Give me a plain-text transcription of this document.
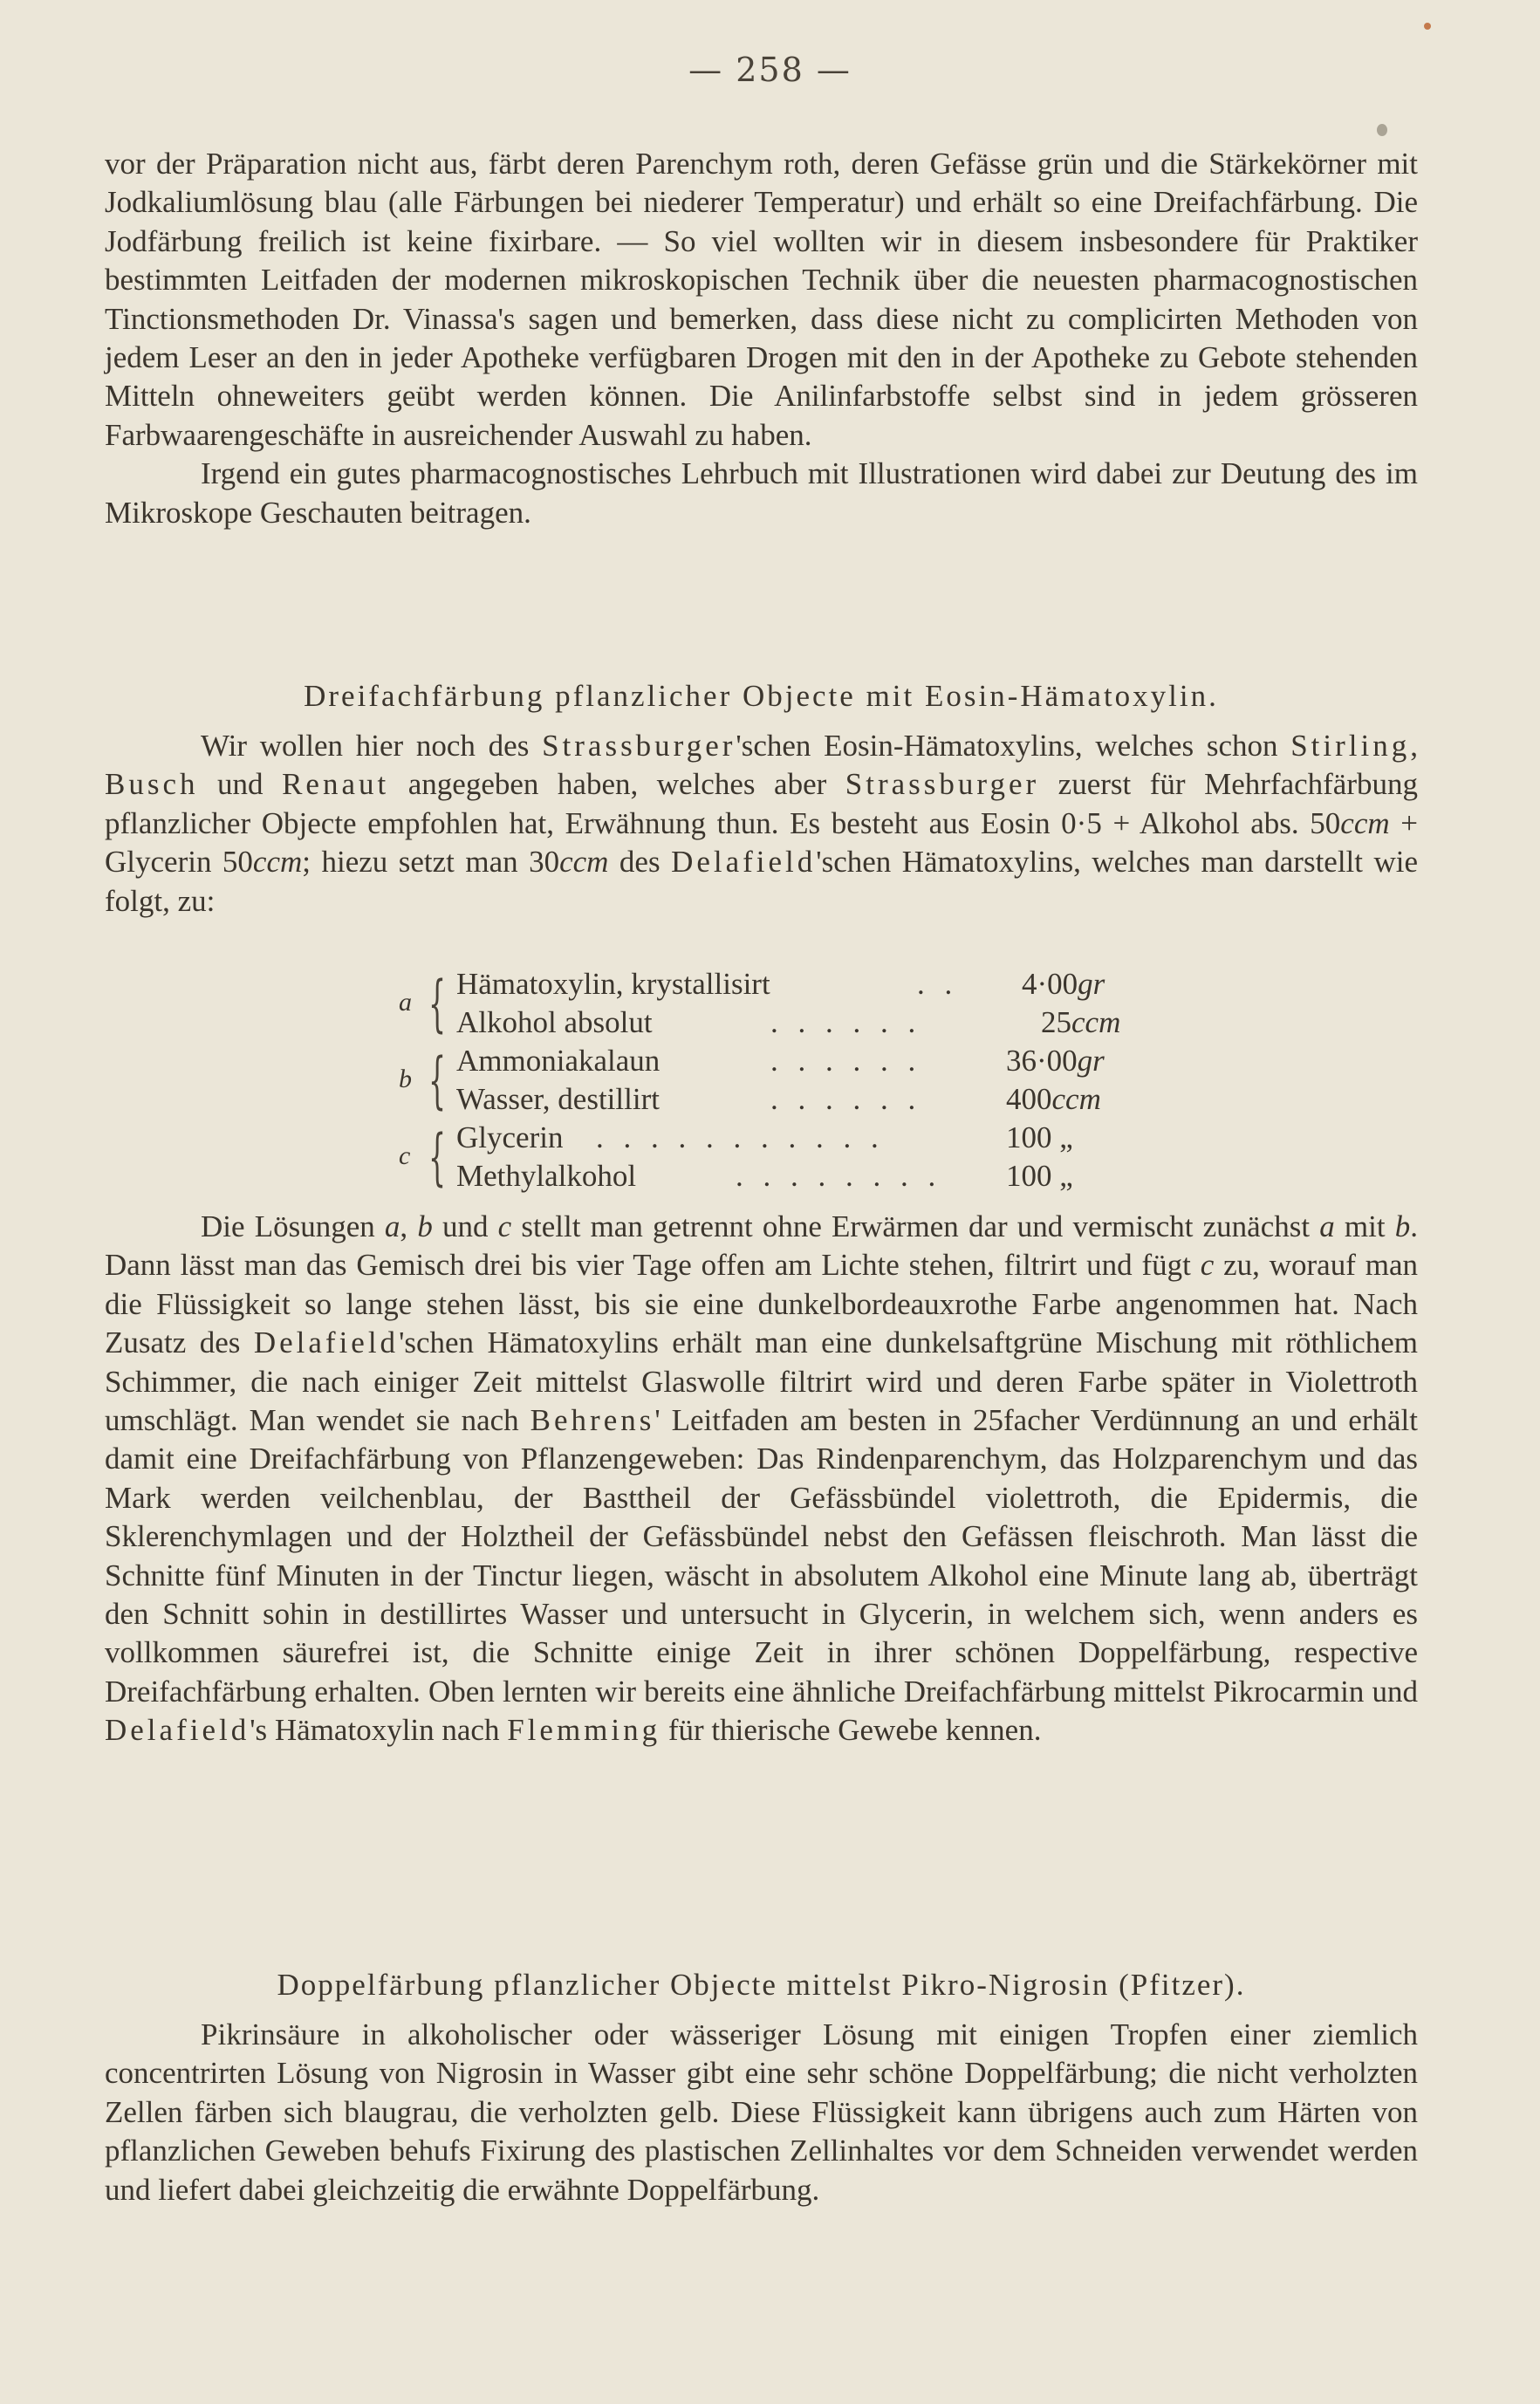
— 258 —

vor der Präparation nicht aus, färbt deren Parenchym roth, deren Gefässe grün und die Stärkekörner mit Jodkaliumlösung blau (alle Färbungen bei niederer Temperatur) und erhält so eine Dreifachfärbung. Die Jodfärbung freilich ist keine fixirbare. — So viel wollten wir in diesem insbesondere für Praktiker bestimmten Leitfaden der modernen mikroskopischen Technik über die neuesten pharmacognostischen Tinctionsmethoden Dr. Vinassa's sagen und bemerken, dass diese nicht zu complicirten Methoden von jedem Leser an den in jeder Apotheke verfügbaren Drogen mit den in der Apotheke zu Gebote stehenden Mitteln ohneweiters geübt werden können. Die Anilinfarbstoffe selbst sind in jedem grösseren Farbwaarengeschäfte in ausreichender Auswahl zu haben.

Irgend ein gutes pharmacognostisches Lehrbuch mit Illustrationen wird dabei zur Deutung des im Mikroskope Geschauten beitragen.

Dreifachfärbung pflanzlicher Objecte mit Eosin-Hämatoxylin.

Wir wollen hier noch des Strassburger'schen Eosin-Hämatoxylins, welches schon Stirling, Busch und Renaut angegeben haben, welches aber Strassburger zuerst für Mehrfachfärbung pflanzlicher Objecte empfohlen hat, Erwähnung thun. Es besteht aus Eosin 0·5 + Alkohol abs. 50ccm + Glycerin 50ccm; hiezu setzt man 30ccm des Delafield'schen Hämatoxylins, welches man darstellt wie folgt, zu:

a { Hämatoxylin, krystallisirt	. . 4·00gr
Alkohol absolut	. . . . . .	25ccm
b { Ammoniakalaun	. . . . . .	36·00gr
Wasser, destillirt	. . . . . .	400ccm
c { Glycerin . . . . . . . . . . .	100 „
Methylalkohol	. . . . . . . . 100 „

Die Lösungen a, b und c stellt man getrennt ohne Erwärmen dar und vermischt zunächst a mit b. Dann lässt man das Gemisch drei bis vier Tage offen am Lichte stehen, filtrirt und fügt c zu, worauf man die Flüssigkeit so lange stehen lässt, bis sie eine dunkelbordeauxrothe Farbe angenommen hat. Nach Zusatz des Delafield'schen Hämatoxylins erhält man eine dunkelsaftgrüne Mischung mit röthlichem Schimmer, die nach einiger Zeit mittelst Glaswolle filtrirt wird und deren Farbe später in Violettroth umschlägt. Man wendet sie nach Behrens' Leitfaden am besten in 25facher Verdünnung an und erhält damit eine Dreifachfärbung von Pflanzengeweben: Das Rindenparenchym, das Holzparenchym und das Mark werden veilchenblau, der Basttheil der Gefässbündel violettroth, die Epidermis, die Sklerenchymlagen und der Holztheil der Gefässbündel nebst den Gefässen fleischroth. Man lässt die Schnitte fünf Minuten in der Tinctur liegen, wäscht in absolutem Alkohol eine Minute lang ab, überträgt den Schnitt sohin in destillirtes Wasser und untersucht in Glycerin, in welchem sich, wenn anders es vollkommen säurefrei ist, die Schnitte einige Zeit in ihrer schönen Doppelfärbung, respective Dreifachfärbung erhalten. Oben lernten wir bereits eine ähnliche Dreifachfärbung mittelst Pikrocarmin und Delafield's Hämatoxylin nach Flemming für thierische Gewebe kennen.

Doppelfärbung pflanzlicher Objecte mittelst Pikro-Nigrosin (Pfitzer).

Pikrinsäure in alkoholischer oder wässeriger Lösung mit einigen Tropfen einer ziemlich concentrirten Lösung von Nigrosin in Wasser gibt eine sehr schöne Doppelfärbung; die nicht verholzten Zellen färben sich blaugrau, die verholzten gelb. Diese Flüssigkeit kann übrigens auch zum Härten von pflanzlichen Geweben behufs Fixirung des plastischen Zellinhaltes vor dem Schneiden verwendet werden und liefert dabei gleichzeitig die erwähnte Doppelfärbung.
